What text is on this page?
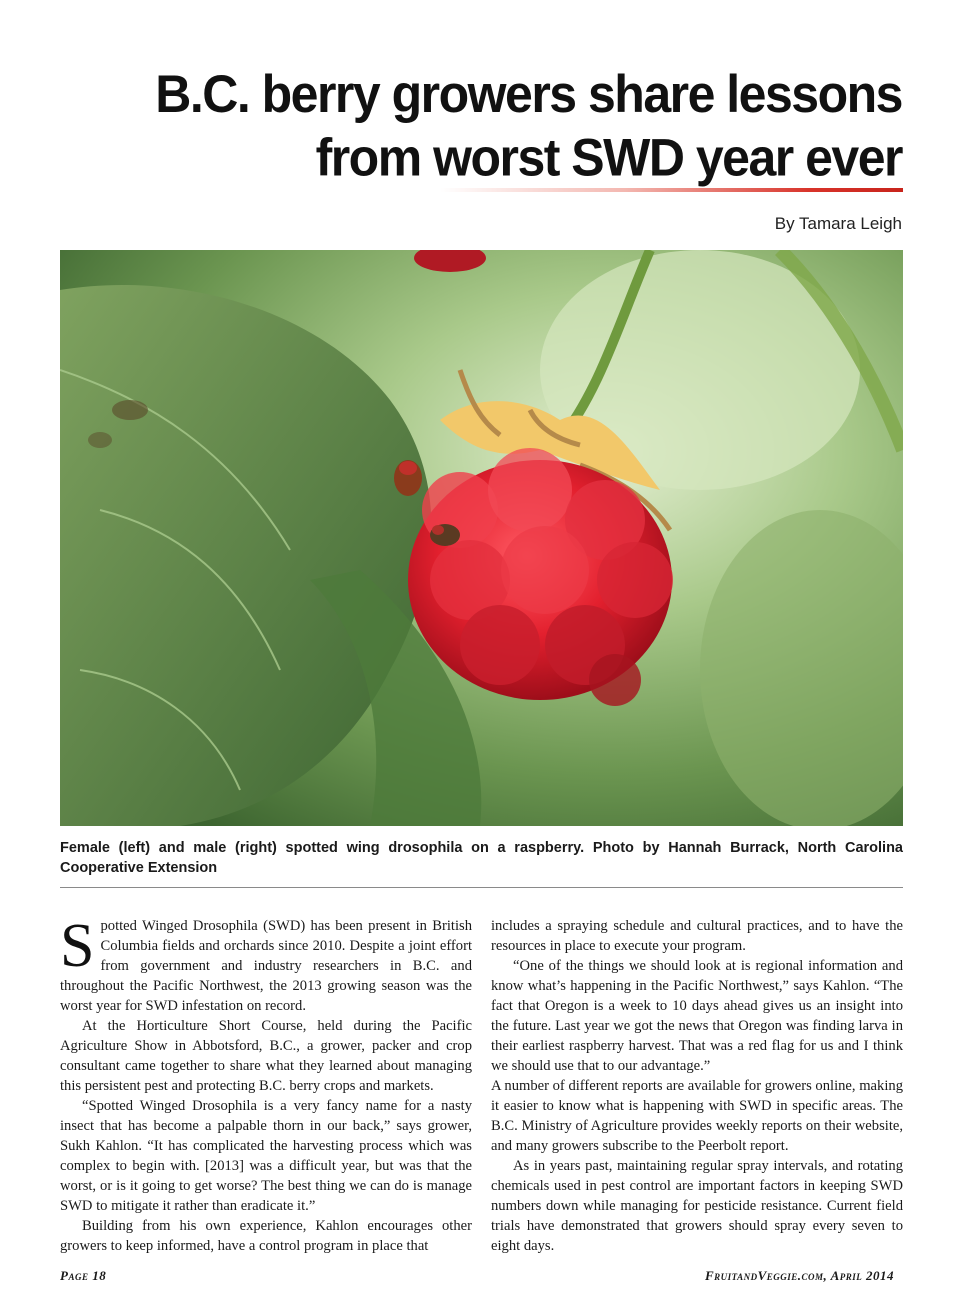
B.C. berry growers share lessons
from worst SWD year ever
By Tamara Leigh

Female (left) and male (right) spotted wing drosophila on a raspberry. Photo by Hannah Burrack, North Carolina Cooperative Extension

Spotted Winged Drosophila (SWD) has been present in British Columbia fields and orchards since 2010. Despite a joint effort from government and industry researchers in B.C. and throughout the Pacific Northwest, the 2013 growing season was the worst year for SWD infestation on record.

At the Horticulture Short Course, held during the Pacific Agriculture Show in Abbotsford, B.C., a grower, packer and crop consultant came together to share what they learned about managing this persistent pest and protecting B.C. berry crops and markets.

“Spotted Winged Drosophila is a very fancy name for a nasty insect that has become a palpable thorn in our back,” says grower, Sukh Kahlon. “It has complicated the harvesting process which was complex to begin with. [2013] was a difficult year, but was that the worst, or is it going to get worse? The best thing we can do is manage SWD to mitigate it rather than eradicate it.”

Building from his own experience, Kahlon encourages other growers to keep informed, have a control program in place that

includes a spraying schedule and cultural practices, and to have the resources in place to execute your program.

“One of the things we should look at is regional information and know what’s happening in the Pacific Northwest,” says Kahlon. “The fact that Oregon is a week to 10 days ahead gives us an insight into the future. Last year we got the news that Oregon was finding larva in their earliest raspberry harvest. That was a red flag for us and I think we should use that to our advantage.”

A number of different reports are available for growers online, making it easier to know what is happening with SWD in specific areas. The B.C. Ministry of Agriculture provides weekly reports on their website, and many growers subscribe to the Peerbolt report.

As in years past, maintaining regular spray intervals, and rotating chemicals used in pest control are important factors in keeping SWD numbers down while managing for pesticide resistance. Current field trials have demonstrated that growers should spray every seven to eight days.

Page 18	FruitandVeggie.com, April 2014
